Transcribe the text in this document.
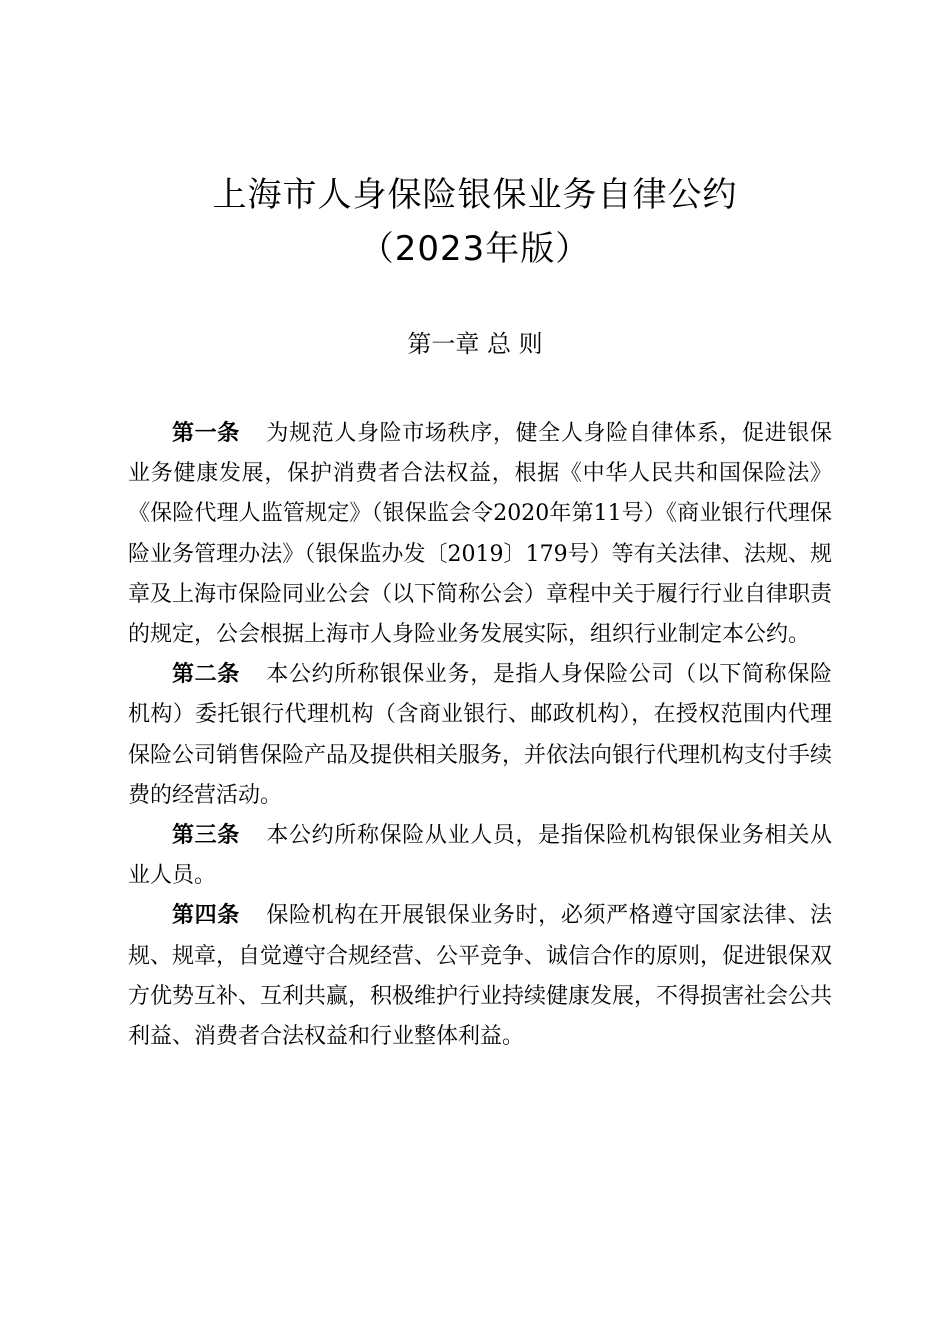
上海市人身保险银保业务自律公约
（2023年版）
第一章 总 则

第一条 为规范人身险市场秩序，健全人身险自律体系，促进银保业务健康发展，保护消费者合法权益，根据《中华人民共和国保险法》《保险代理人监管规定》（银保监会令2020年第11号）《商业银行代理保险业务管理办法》（银保监办发〔2019〕179号）等有关法律、法规、规章及上海市保险同业公会（以下简称公会）章程中关于履行行业自律职责的规定，公会根据上海市人身险业务发展实际，组织行业制定本公约。

第二条 本公约所称银保业务，是指人身保险公司（以下简称保险机构）委托银行代理机构（含商业银行、邮政机构），在授权范围内代理保险公司销售保险产品及提供相关服务，并依法向银行代理机构支付手续费的经营活动。

第三条 本公约所称保险从业人员，是指保险机构银保业务相关从业人员。

第四条 保险机构在开展银保业务时，必须严格遵守国家法律、法规、规章，自觉遵守合规经营、公平竞争、诚信合作的原则，促进银保双方优势互补、互利共赢，积极维护行业持续健康发展，不得损害社会公共利益、消费者合法权益和行业整体利益。
